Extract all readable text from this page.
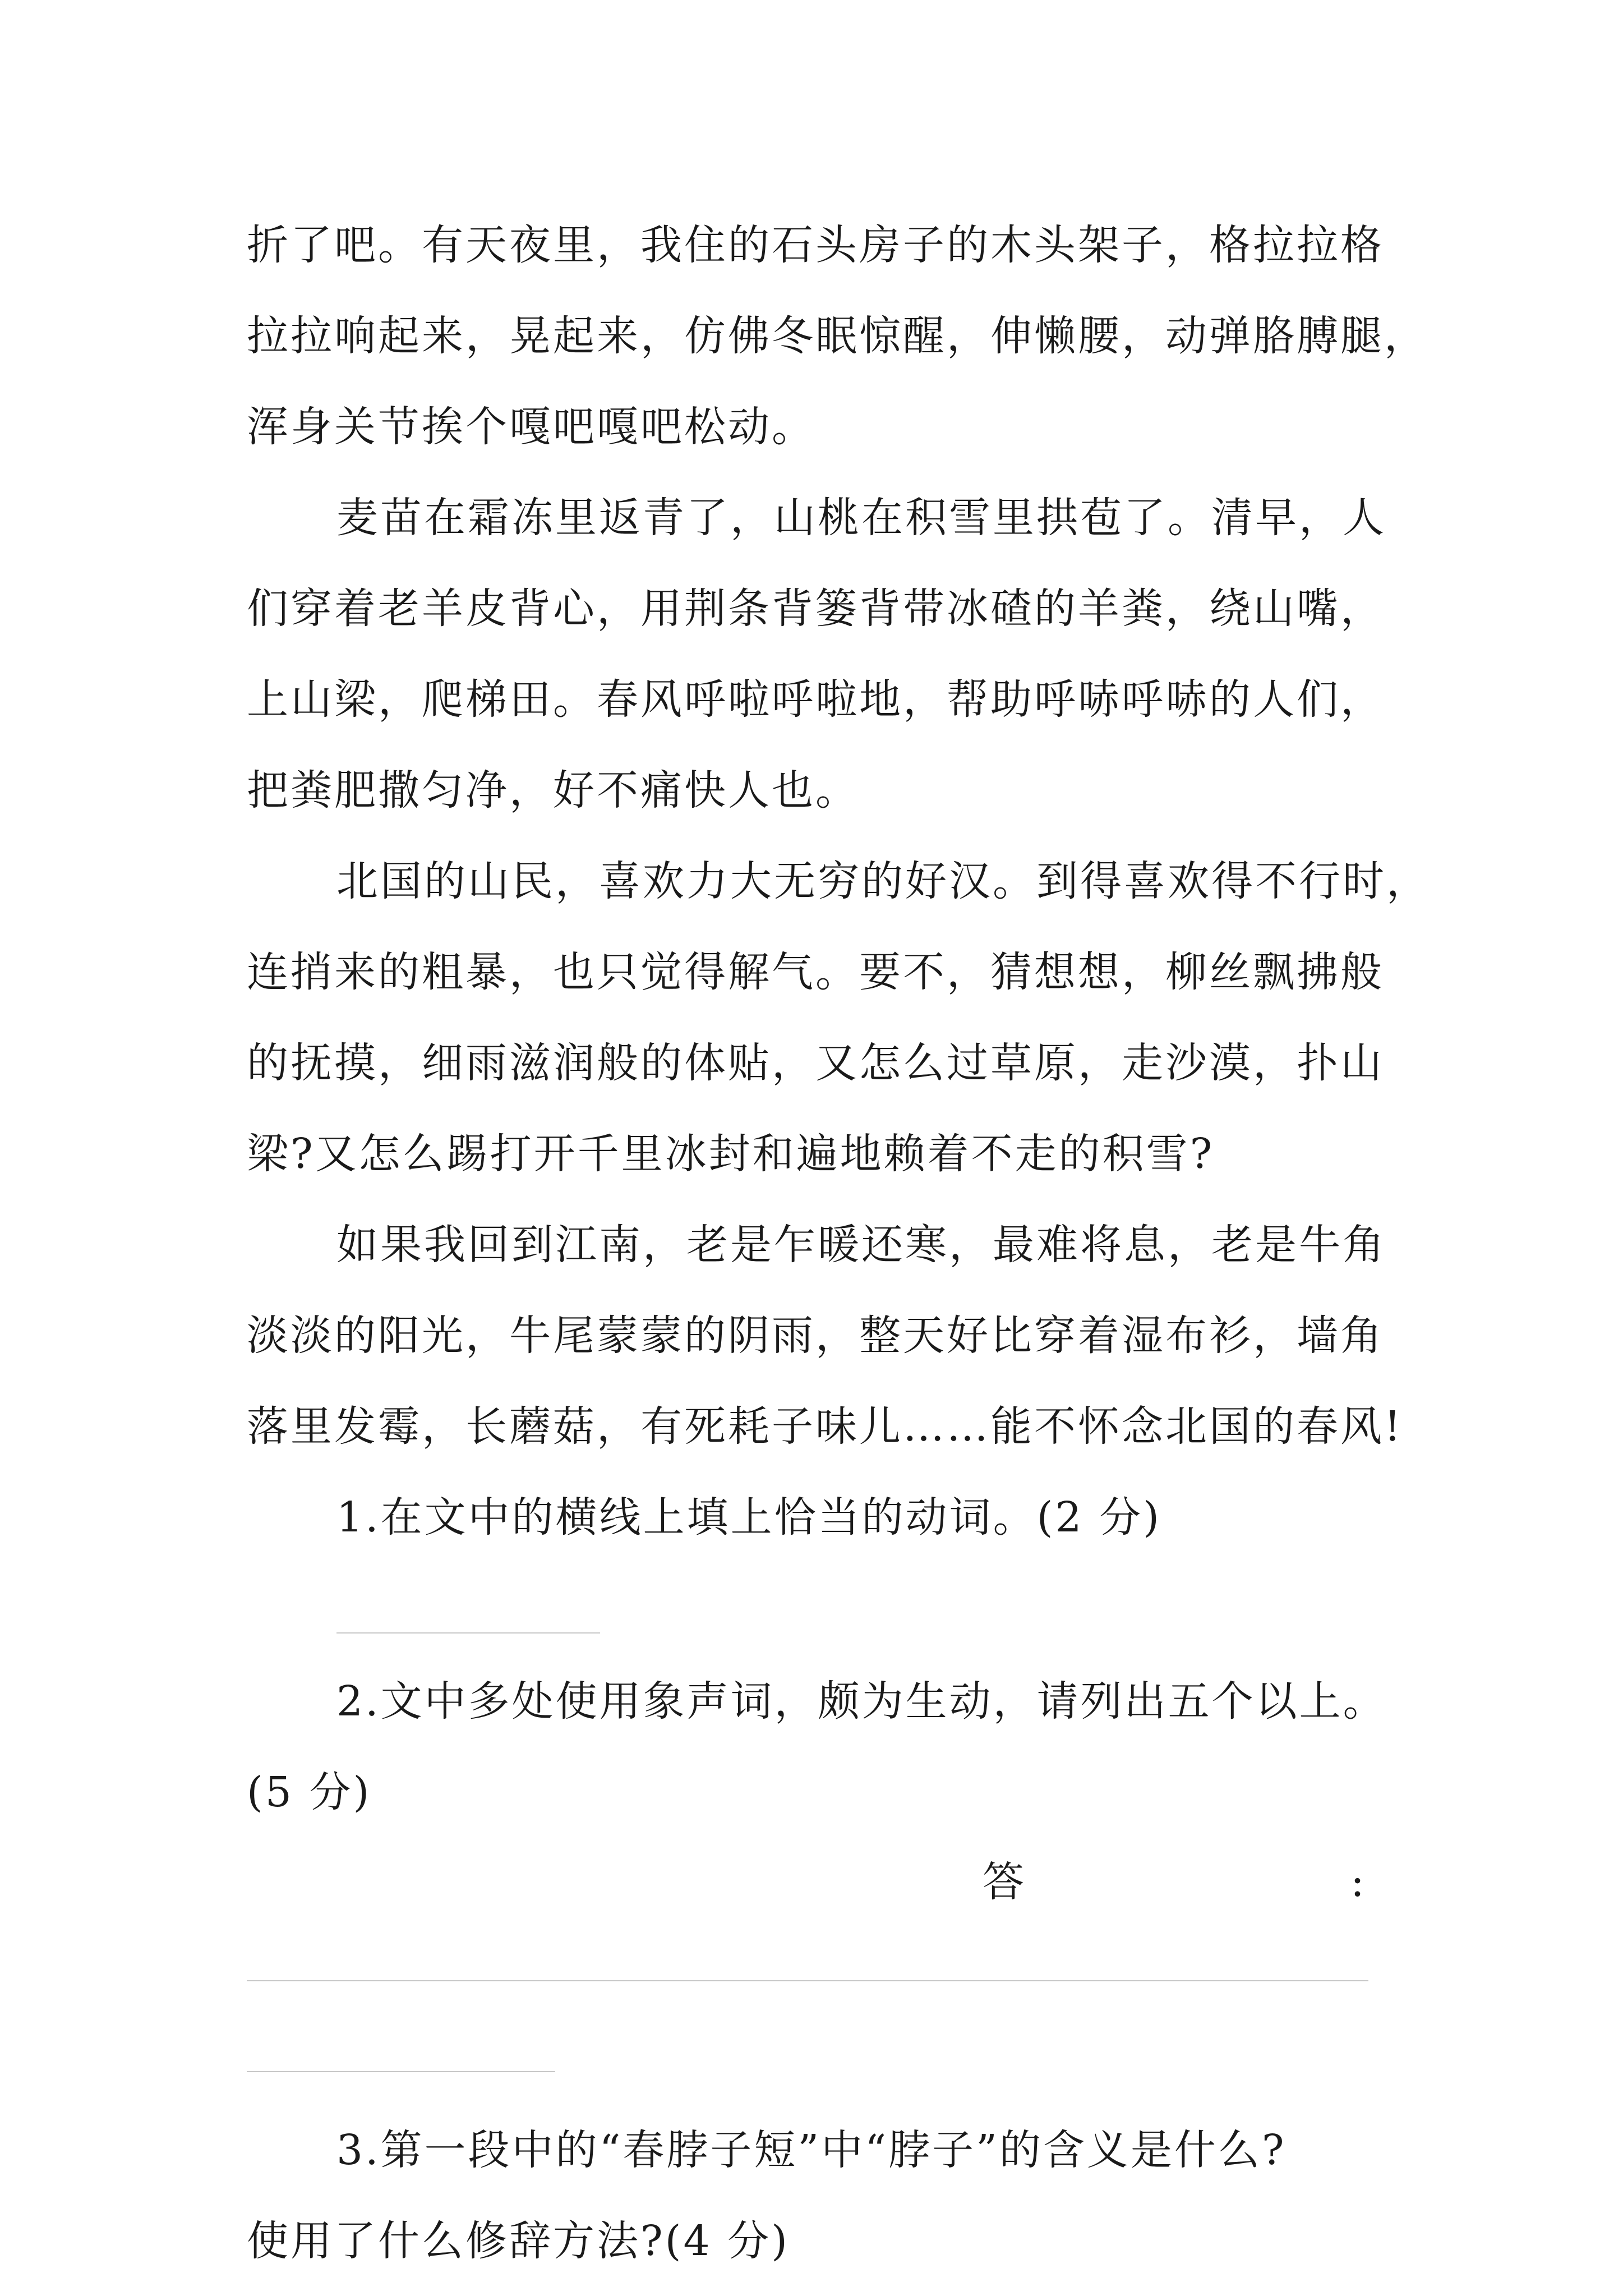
折了吧。有天夜里，我住的石头房子的木头架子，格拉拉格
拉拉响起来，晃起来，仿佛冬眠惊醒，伸懒腰，动弹胳膊腿，
浑身关节挨个嘎吧嘎吧松动。
麦苗在霜冻里返青了，山桃在积雪里拱苞了。清早，人
们穿着老羊皮背心，用荆条背篓背带冰碴的羊粪，绕山嘴，
上山梁，爬梯田。春风呼啦呼啦地，帮助呼哧呼哧的人们，
把粪肥撒匀净，好不痛快人也。
北国的山民，喜欢力大无穷的好汉。到得喜欢得不行时，
连捎来的粗暴，也只觉得解气。要不，猜想想，柳丝飘拂般
的抚摸，细雨滋润般的体贴，又怎么过草原，走沙漠，扑山
梁?又怎么踢打开千里冰封和遍地赖着不走的积雪?
如果我回到江南，老是乍暖还寒，最难将息，老是牛角
淡淡的阳光，牛尾蒙蒙的阴雨，整天好比穿着湿布衫，墙角
落里发霉，长蘑菇，有死耗子味儿……能不怀念北国的春风!
1.在文中的横线上填上恰当的动词。(2 分)
2.文中多处使用象声词，颇为生动，请列出五个以上。
(5 分)
答	:
3.第一段中的“春脖子短”中“脖子”的含义是什么?
使用了什么修辞方法?(4 分)
